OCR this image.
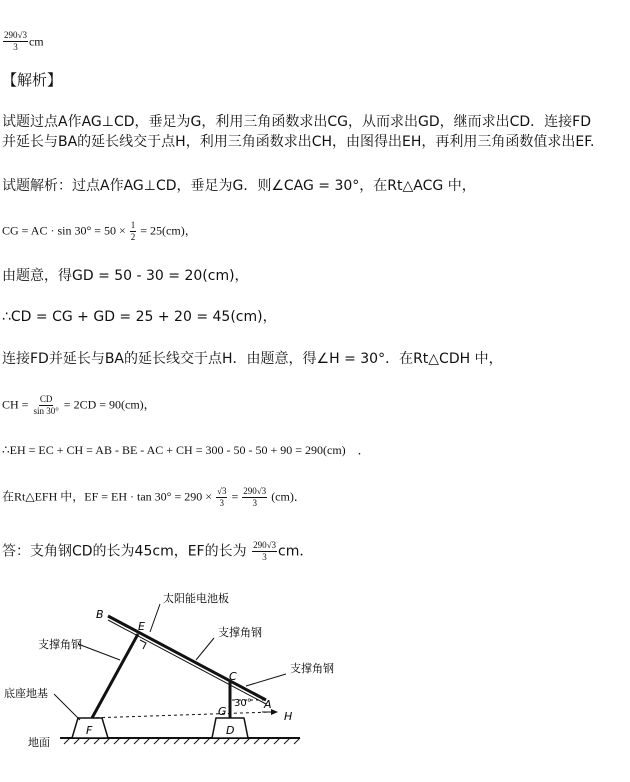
$\frac{290√3}{3}$ cm
【解析】
试题过点A作AG⊥CD，垂足为G，利用三角函数求出CG，从而求出GD，继而求出CD．连接FD
并延长与BA的延长线交于点H，利用三角函数求出CH，由图得出EH，再利用三角函数值求出EF.
试题解析：过点A作AG⊥CD，垂足为G．则∠CAG = 30°，在Rt△ACG 中，
CG = AC · $\sin 30^\circ = 50 \times \frac{1}{2} = 25(cm)$，
由题意，得GD = 50 - 30 = 20(cm)，
∴CD = CG + GD = 25 + 20 = 45(cm)，
连接FD并延长与BA的延长线交于点H．由题意，得∠H = 30°．在Rt△CDH 中，
CH = $\frac{CD}{\sin 30^\circ} = 2CD = 90(cm)$，
∴EH = EC + CH = AB - BE - AC + CH = 300 - 50 - 50 + 90 = 290(cm)　．
在Rt△EFH 中，EF = EH · $\tan 30^\circ = 290 \times \frac{√3}{3} = \frac{290√3}{3} (cm)$．
答：支角钢CD的长为45cm，EF的长为 $\frac{290√3}{3}$ cm．
太阳能电池板
支撑角钢
支撑角钢
支撑角钢
底座地基
地面
30°
B
E
C
A
H
G
F	D
